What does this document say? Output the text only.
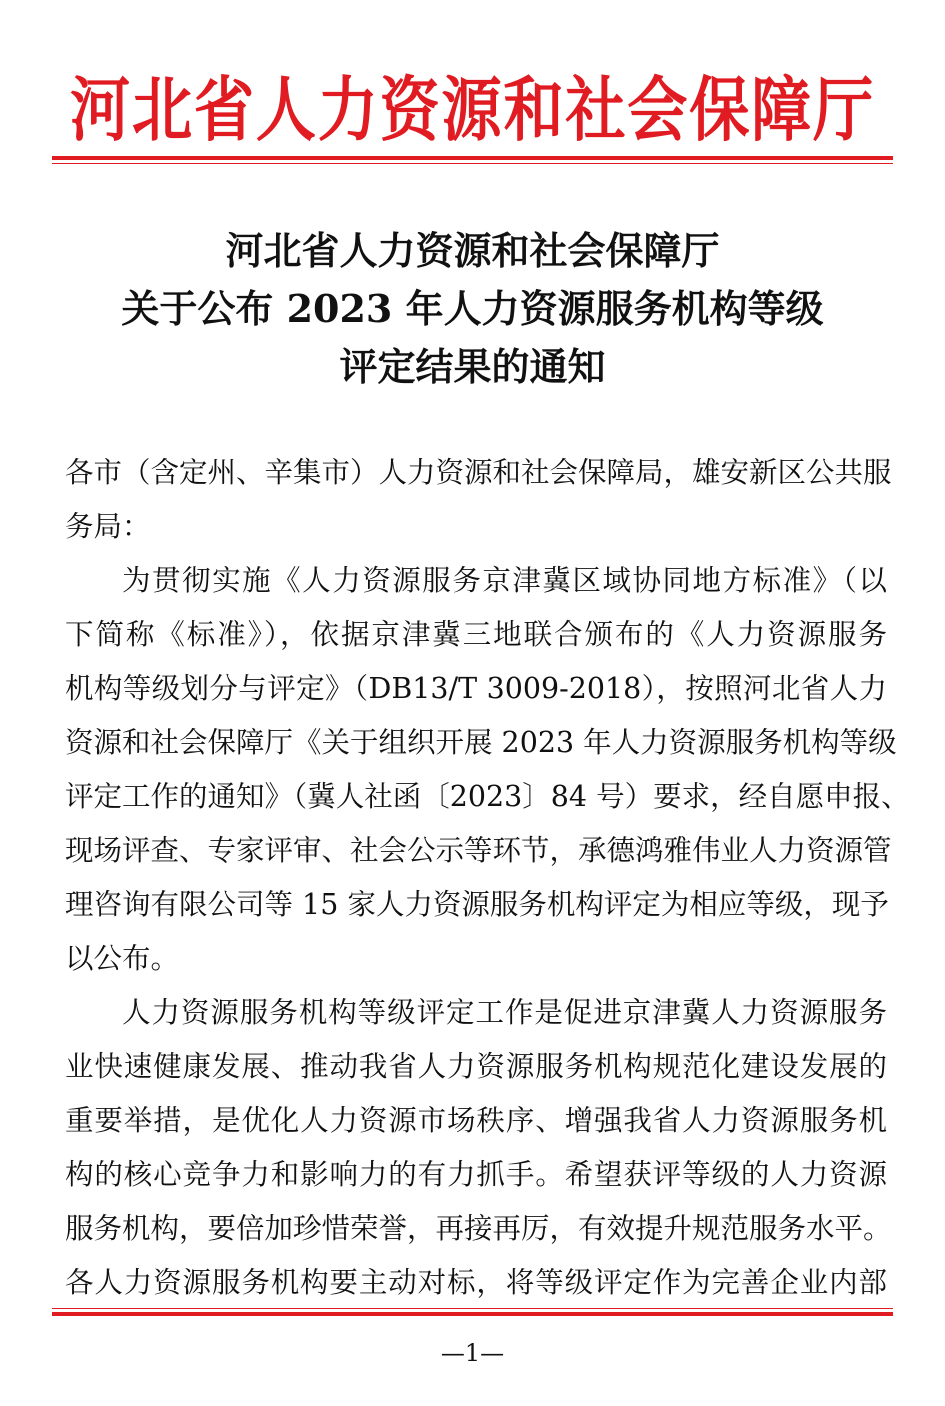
河北省人力资源和社会保障厅
河北省人力资源和社会保障厅
关于公布 2023 年人力资源服务机构等级
评定结果的通知
各市（含定州、辛集市）人力资源和社会保障局，雄安新区公共服
务局：
为贯彻实施《人力资源服务京津冀区域协同地方标准》（以
下简称《标准》），依据京津冀三地联合颁布的《人力资源服务
机构等级划分与评定》（DB13/T 3009-2018），按照河北省人力
资源和社会保障厅《关于组织开展 2023 年人力资源服务机构等级
评定工作的通知》（冀人社函〔2023〕84 号）要求，经自愿申报、
现场评查、专家评审、社会公示等环节，承德鸿雅伟业人力资源管
理咨询有限公司等 15 家人力资源服务机构评定为相应等级，现予
以公布。
人力资源服务机构等级评定工作是促进京津冀人力资源服务
业快速健康发展、推动我省人力资源服务机构规范化建设发展的
重要举措，是优化人力资源市场秩序、增强我省人力资源服务机
构的核心竞争力和影响力的有力抓手。希望获评等级的人力资源
服务机构，要倍加珍惜荣誉，再接再厉，有效提升规范服务水平。
各人力资源服务机构要主动对标，将等级评定作为完善企业内部
—1—
